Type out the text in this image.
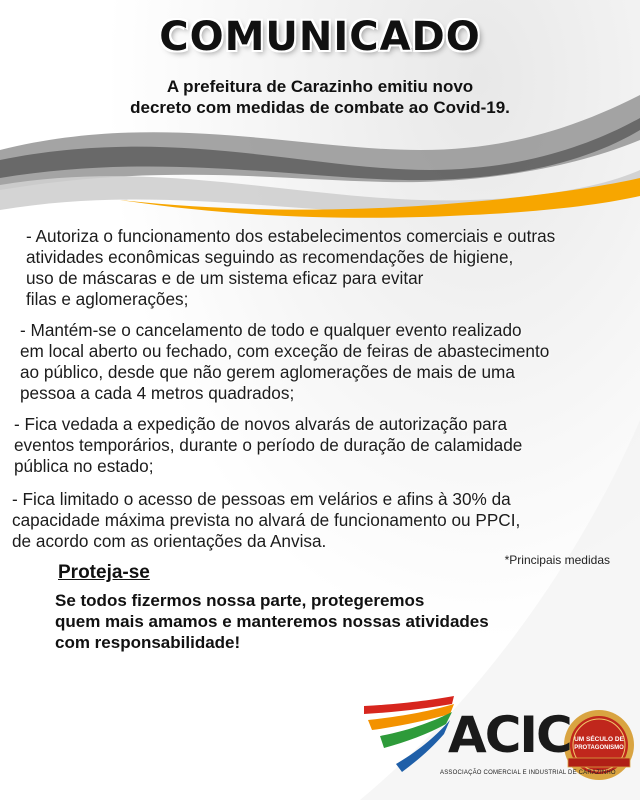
COMUNICADO
A prefeitura de Carazinho emitiu novo
decreto com medidas de combate ao Covid-19.
- Autoriza o funcionamento dos estabelecimentos comerciais e outras
atividades econômicas seguindo as recomendações de higiene,
uso de máscaras e de um sistema eficaz para evitar
filas e aglomerações;
- Mantém-se o cancelamento de todo e qualquer evento realizado
em local aberto ou fechado, com exceção de feiras de abastecimento
ao público, desde que não gerem aglomerações de mais de uma
pessoa a cada 4 metros quadrados;
- Fica vedada a expedição de novos alvarás de autorização para
eventos temporários, durante o período de duração de calamidade
pública no estado;
- Fica limitado o acesso de pessoas em velários e afins à 30% da
capacidade máxima prevista no alvará de funcionamento ou PPCI,
de acordo com as orientações da Anvisa.
*Principais medidas
Proteja-se
Se todos fizermos nossa parte, protegeremos
quem mais amamos e manteremos nossas atividades
com responsabilidade!
ACIC
ASSOCIAÇÃO COMERCIAL E INDUSTRIAL DE CARAZINHO
UM SÉCULO DE
PROTAGONISMO
